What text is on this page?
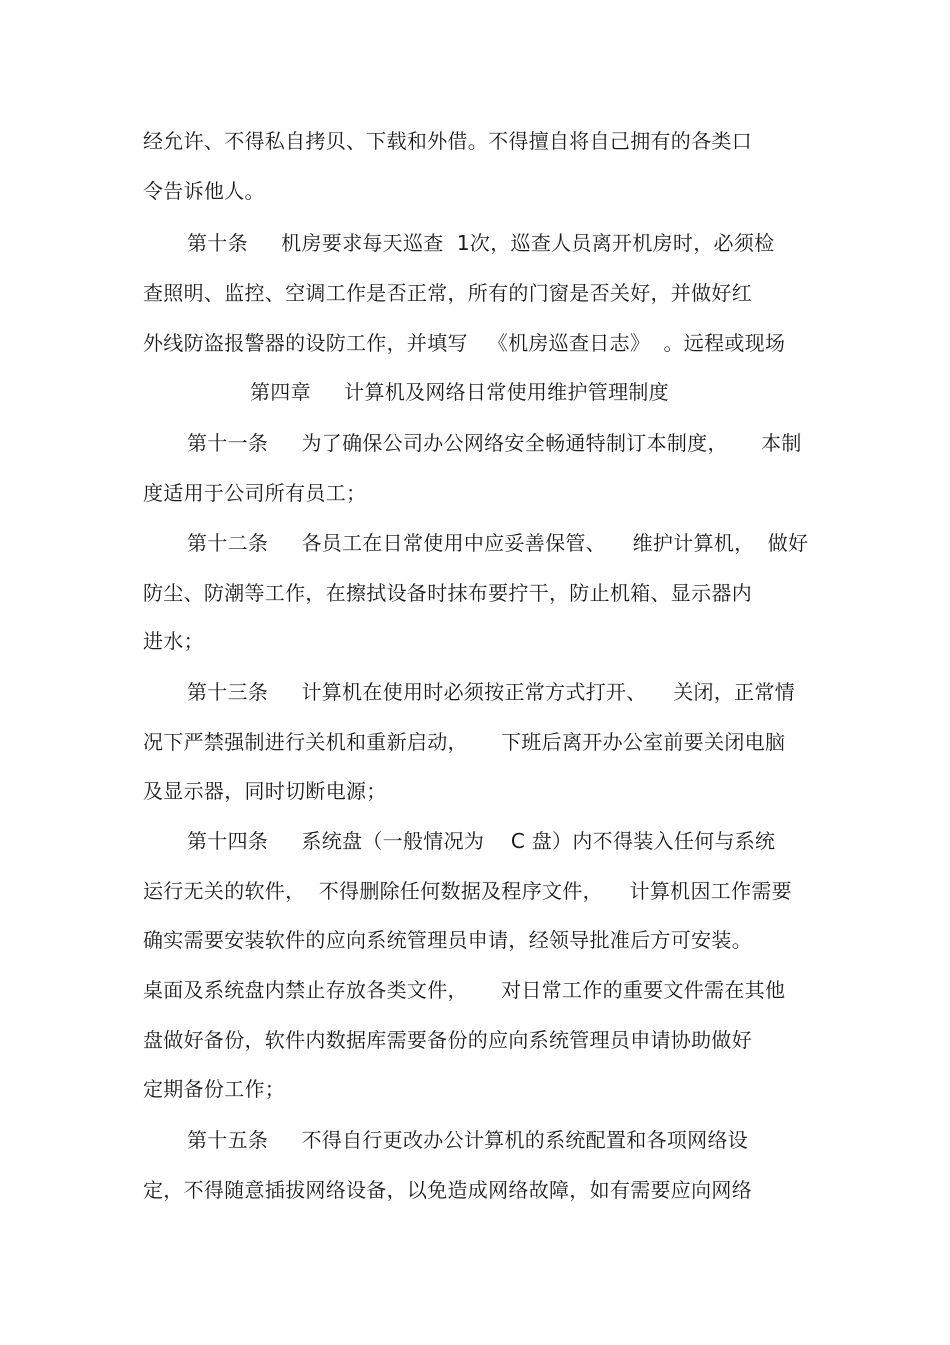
经允许、不得私自拷贝、下载和外借。不得擅自将自己拥有的各类口
令告诉他人。
第十条     机房要求每天巡查  1次，巡查人员离开机房时，必须检
查照明、监控、空调工作是否正常，所有的门窗是否关好，并做好红
外线防盗报警器的设防工作，并填写   《机房巡查日志》  。远程或现场
第四章     计算机及网络日常使用维护管理制度
第十一条     为了确保公司办公网络安全畅通特制订本制度，     本制
度适用于公司所有员工；
第十二条     各员工在日常使用中应妥善保管、    维护计算机，  做好
防尘、防潮等工作，在擦拭设备时抹布要拧干，防止机箱、显示器内
进水；
第十三条     计算机在使用时必须按正常方式打开、    关闭，正常情
况下严禁强制进行关机和重新启动，     下班后离开办公室前要关闭电脑
及显示器，同时切断电源；
第十四条     系统盘（一般情况为    C 盘）内不得装入任何与系统
运行无关的软件，  不得删除任何数据及程序文件，    计算机因工作需要
确实需要安装软件的应向系统管理员申请，经领导批准后方可安装。
桌面及系统盘内禁止存放各类文件，     对日常工作的重要文件需在其他
盘做好备份，软件内数据库需要备份的应向系统管理员申请协助做好
定期备份工作；
第十五条     不得自行更改办公计算机的系统配置和各项网络设
定，不得随意插拔网络设备，以免造成网络故障，如有需要应向网络
